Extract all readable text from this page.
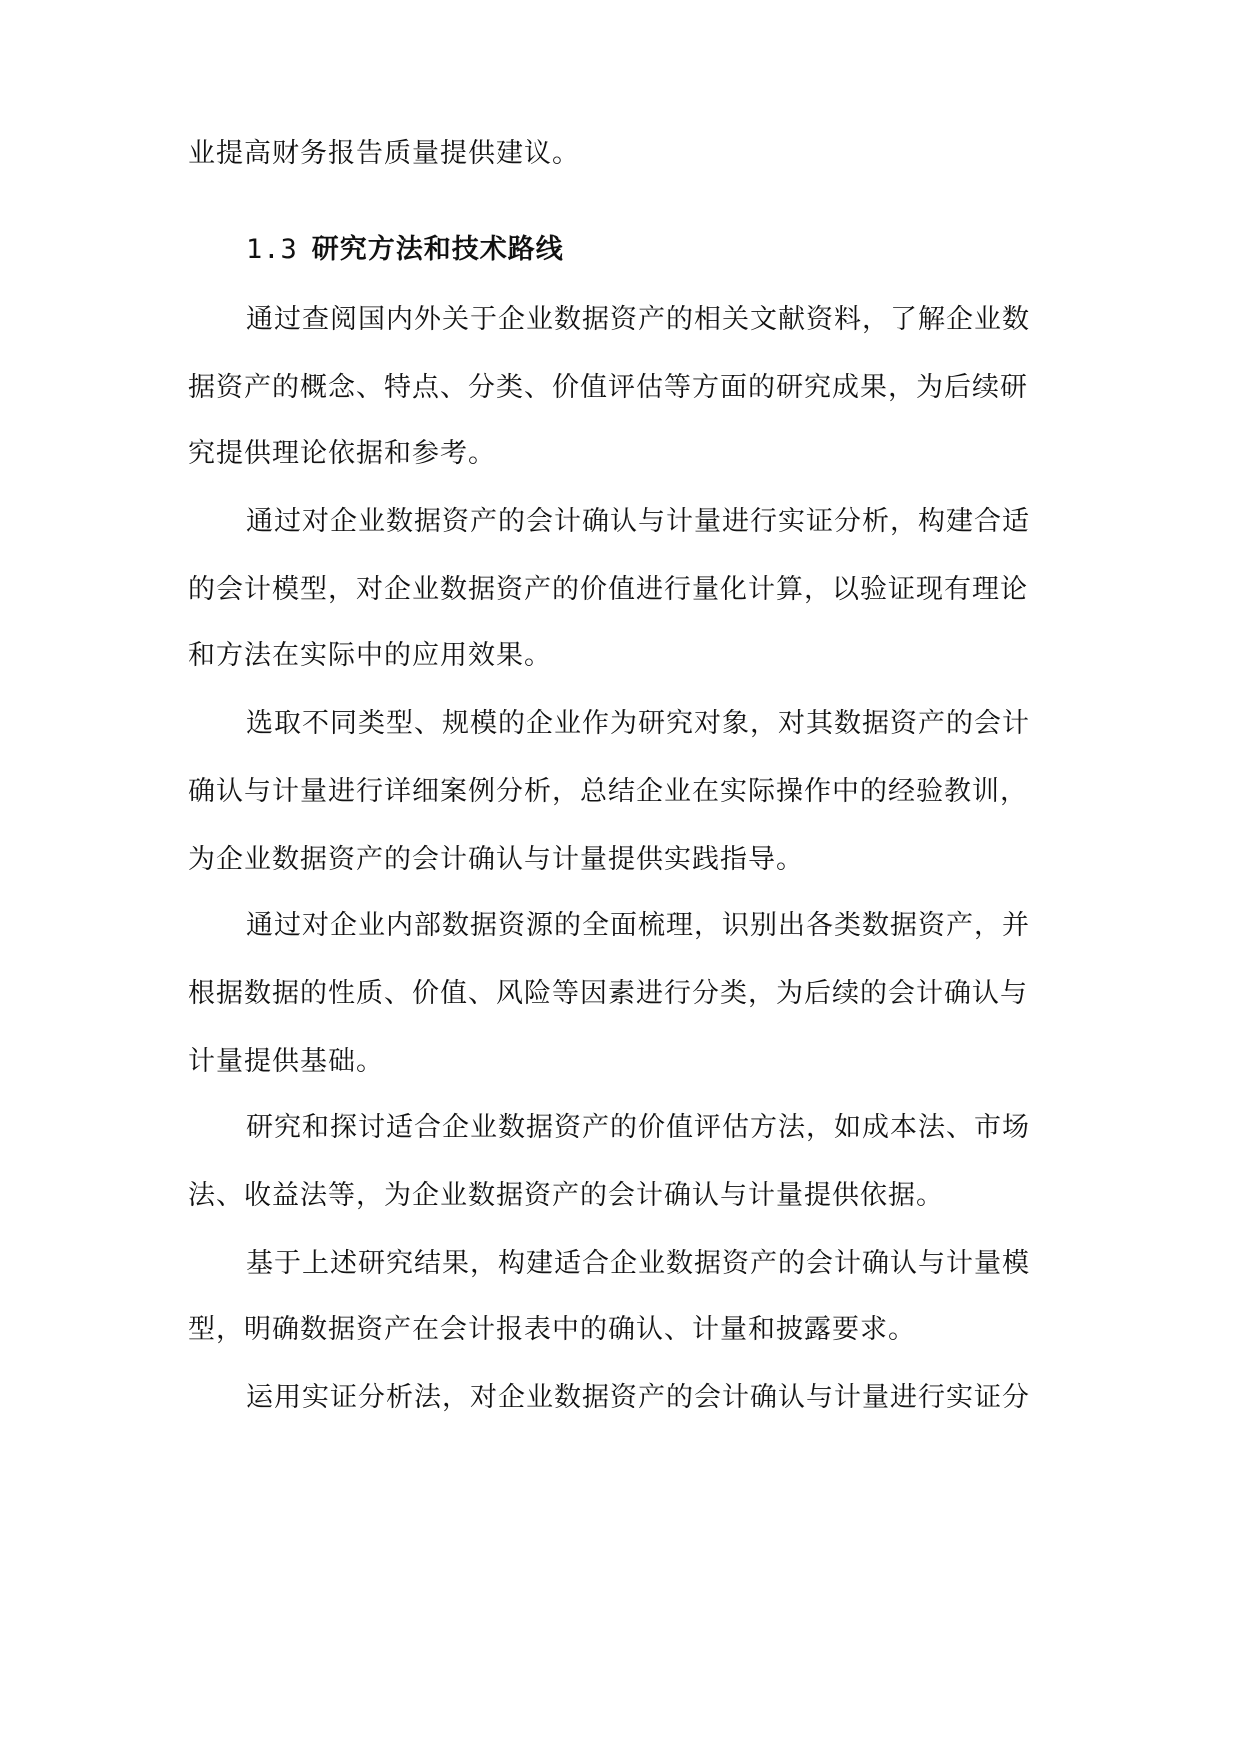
业提高财务报告质量提供建议。

1.3 研究方法和技术路线

通过查阅国内外关于企业数据资产的相关文献资料，了解企业数

据资产的概念、特点、分类、价值评估等方面的研究成果，为后续研

究提供理论依据和参考。

通过对企业数据资产的会计确认与计量进行实证分析，构建合适

的会计模型，对企业数据资产的价值进行量化计算，以验证现有理论

和方法在实际中的应用效果。

选取不同类型、规模的企业作为研究对象，对其数据资产的会计

确认与计量进行详细案例分析，总结企业在实际操作中的经验教训，

为企业数据资产的会计确认与计量提供实践指导。

通过对企业内部数据资源的全面梳理，识别出各类数据资产，并

根据数据的性质、价值、风险等因素进行分类，为后续的会计确认与

计量提供基础。

研究和探讨适合企业数据资产的价值评估方法，如成本法、市场

法、收益法等，为企业数据资产的会计确认与计量提供依据。

基于上述研究结果，构建适合企业数据资产的会计确认与计量模

型，明确数据资产在会计报表中的确认、计量和披露要求。

运用实证分析法，对企业数据资产的会计确认与计量进行实证分
